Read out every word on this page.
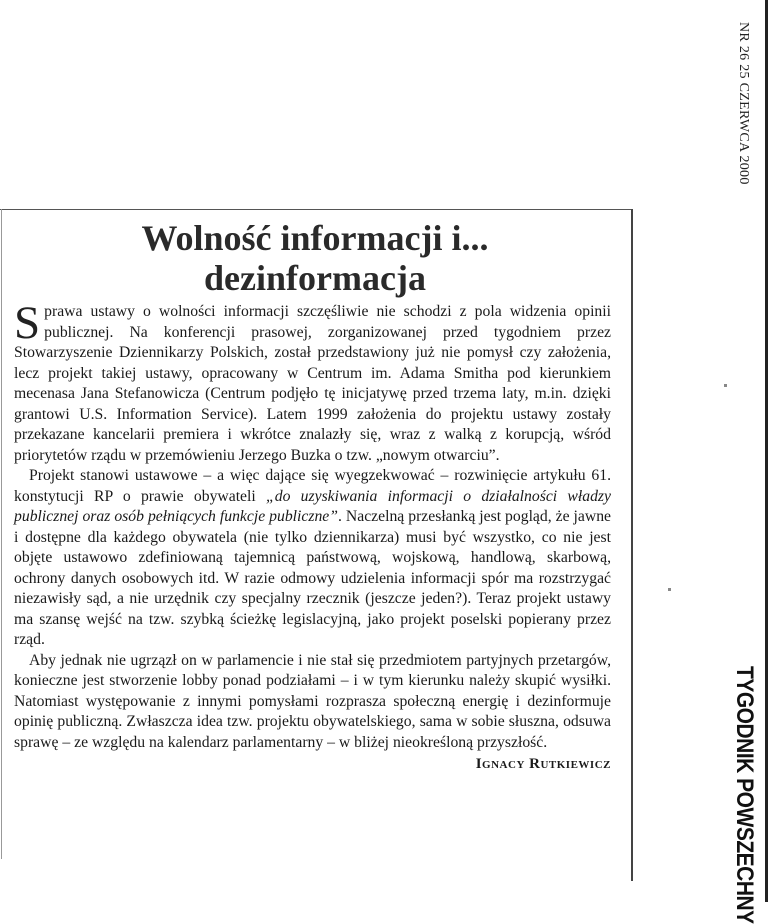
NR 26 25 CZERWCA 2000
TYGODNIK POWSZECHNY
Wolność informacji i...
dezinformacja

Sprawa ustawy o wolności informacji szczęśliwie nie schodzi z pola widzenia opinii publicznej. Na konferencji prasowej, zorganizowanej przed tygodniem przez Stowarzyszenie Dziennikarzy Polskich, został przedstawiony już nie pomysł czy założenia, lecz projekt takiej ustawy, opracowany w Centrum im. Adama Smitha pod kierunkiem mecenasa Jana Stefanowicza (Centrum podjęło tę inicjatywę przed trzema laty, m.in. dzięki grantowi U.S. Information Service). Latem 1999 założenia do projektu ustawy zostały przekazane kancelarii premiera i wkrótce znalazły się, wraz z walką z korupcją, wśród priorytetów rządu w przemówieniu Jerzego Buzka o tzw. „nowym otwarciu”.

Projekt stanowi ustawowe – a więc dające się wyegzekwować – rozwinięcie artykułu 61. konstytucji RP o prawie obywateli „do uzyskiwania informacji o działalności władzy publicznej oraz osób pełniących funkcje publiczne”. Naczelną przesłanką jest pogląd, że jawne i dostępne dla każdego obywatela (nie tylko dziennikarza) musi być wszystko, co nie jest objęte ustawowo zdefiniowaną tajemnicą państwową, wojskową, handlową, skarbową, ochrony danych osobowych itd. W razie odmowy udzielenia informacji spór ma rozstrzygać niezawisły sąd, a nie urzędnik czy specjalny rzecznik (jeszcze jeden?). Teraz projekt ustawy ma szansę wejść na tzw. szybką ścieżkę legislacyjną, jako projekt poselski popierany przez rząd.

Aby jednak nie ugrzązł on w parlamencie i nie stał się przedmiotem partyjnych przetargów, konieczne jest stworzenie lobby ponad podziałami – i w tym kierunku należy skupić wysiłki. Natomiast występowanie z innymi pomysłami rozprasza społeczną energię i dezinformuje opinię publiczną. Zwłaszcza idea tzw. projektu obywatelskiego, sama w sobie słuszna, odsuwa sprawę – ze względu na kalendarz parlamentarny – w bliżej nieokreśloną przyszłość.

Ignacy Rutkiewicz
